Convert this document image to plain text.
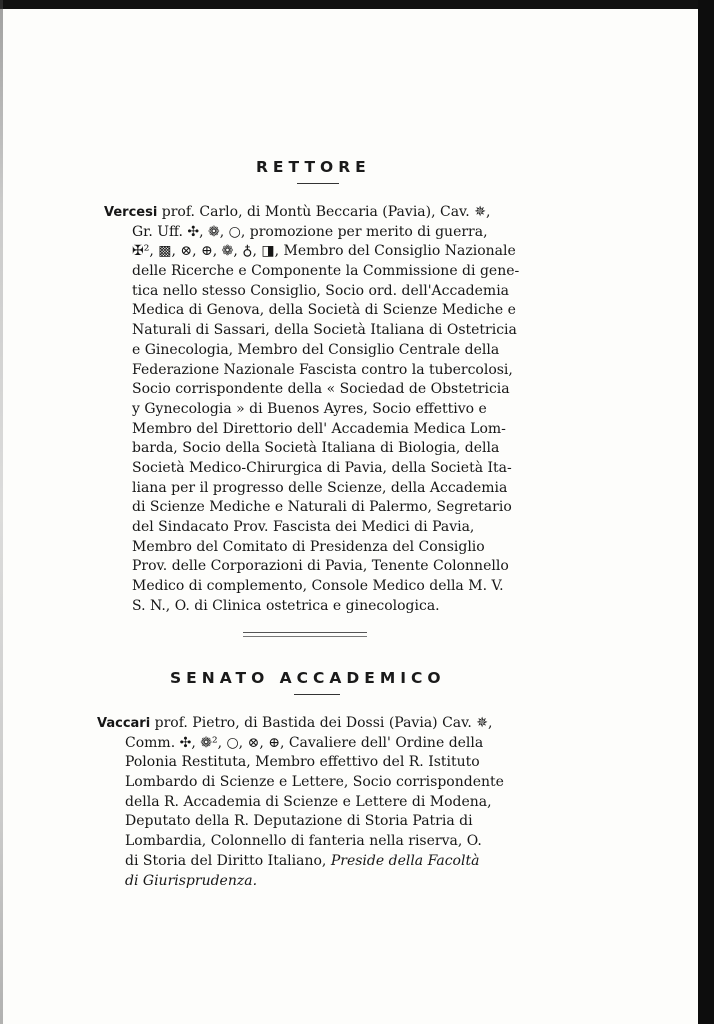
RETTORE
Vercesi prof. Carlo, di Montù Beccaria (Pavia), Cav. ✵,
Gr. Uff. ✣, ❁, ○, promozione per merito di guerra,
✠², ▩, ⊗, ⊕, ❁, ♁, ◨, Membro del Consiglio Nazionale
delle Ricerche e Componente la Commissione di gene-
tica nello stesso Consiglio, Socio ord. dell'Accademia
Medica di Genova, della Società di Scienze Mediche e
Naturali di Sassari, della Società Italiana di Ostetricia
e Ginecologia, Membro del Consiglio Centrale della
Federazione Nazionale Fascista contro la tubercolosi,
Socio corrispondente della « Sociedad de Obstetricia
y Gynecologia » di Buenos Ayres, Socio effettivo e
Membro del Direttorio dell' Accademia Medica Lom-
barda, Socio della Società Italiana di Biologia, della
Società Medico-Chirurgica di Pavia, della Società Ita-
liana per il progresso delle Scienze, della Accademia
di Scienze Mediche e Naturali di Palermo, Segretario
del Sindacato Prov. Fascista dei Medici di Pavia,
Membro del Comitato di Presidenza del Consiglio
Prov. delle Corporazioni di Pavia, Tenente Colonnello
Medico di complemento, Console Medico della M. V.
S. N., O. di Clinica ostetrica e ginecologica.
SENATO ACCADEMICO
Vaccari prof. Pietro, di Bastida dei Dossi (Pavia) Cav. ✵,
Comm. ✣, ❁², ○, ⊗, ⊕, Cavaliere dell' Ordine della
Polonia Restituta, Membro effettivo del R. Istituto
Lombardo di Scienze e Lettere, Socio corrispondente
della R. Accademia di Scienze e Lettere di Modena,
Deputato della R. Deputazione di Storia Patria di
Lombardia, Colonnello di fanteria nella riserva, O.
di Storia del Diritto Italiano, Preside della Facoltà
di Giurisprudenza.
